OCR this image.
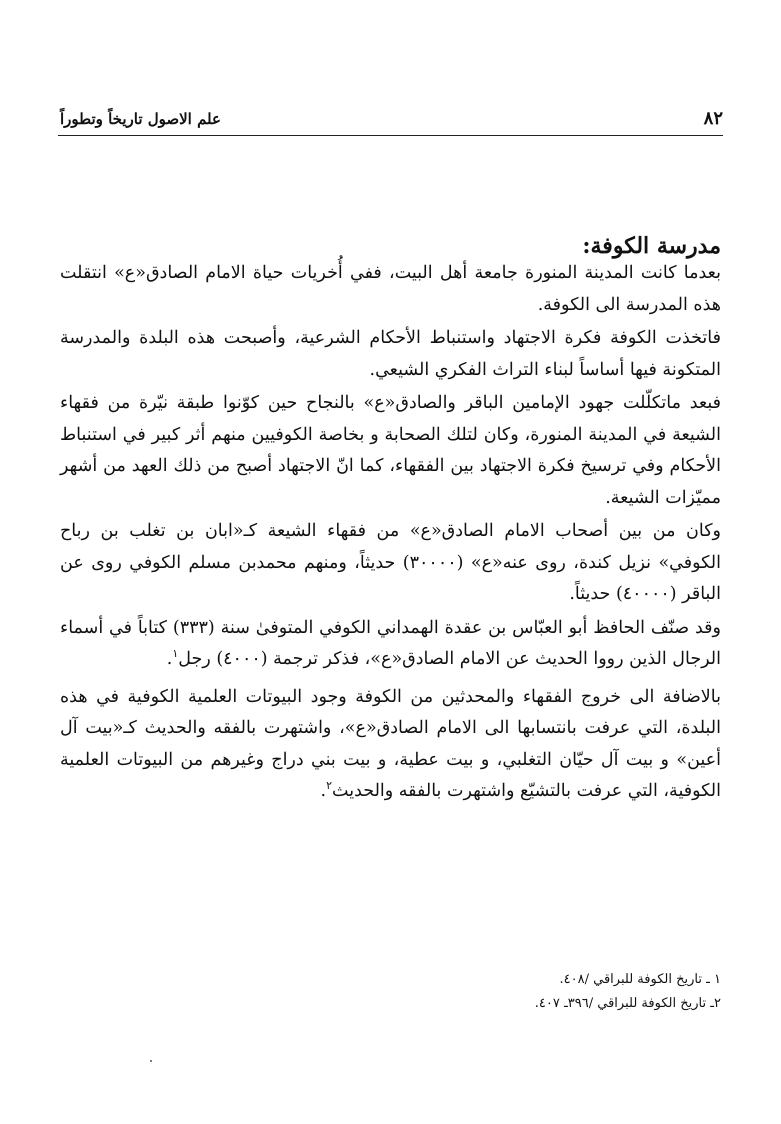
علم الاصول تاريخاً وتطوراً	٨٢
مدرسة الكوفة:

بعدما كانت المدينة المنورة جامعة أهل البيت، ففي أُخريات حياة الامام الصادق«ع» انتقلت هذه المدرسة الى الكوفة.

فاتخذت الكوفة فكرة الاجتهاد واستنباط الأحكام الشرعية، وأصبحت هذه البلدة والمدرسة المتكونة فيها أساساً لبناء التراث الفكري الشيعي.

فبعد ماتكلّلت جهود الإمامين الباقر والصادق«ع» بالنجاح حين كوّنوا طبقة نيّرة من فقهاء الشيعة في المدينة المنورة، وكان لتلك الصحابة و بخاصة الكوفيين منهم أثر كبير في استنباط الأحكام وفي ترسيخ فكرة الاجتهاد بين الفقهاء، كما انّ الاجتهاد أصبح من ذلك العهد من أشهر مميّزات الشيعة.

وكان من بين أصحاب الامام الصادق«ع» من فقهاء الشيعة كـ«ابان بن تغلب بن رباح الكوفي» نزيل كندة، روى عنه«ع» (٣٠٠٠٠) حديثاً، ومنهم محمدبن مسلم الكوفي روى عن الباقر (٤٠٠٠٠) حديثاً.

وقد صنّف الحافظ أبو العبّاس بن عقدة الهمداني الكوفي المتوفىٰ سنة (٣٣٣) كتاباً في أسماء الرجال الذين رووا الحديث عن الامام الصادق«ع»، فذكر ترجمة (٤٠٠٠) رجل$^١$.

بالاضافة الى خروج الفقهاء والمحدثين من الكوفة وجود البيوتات العلمية الكوفية في هذه البلدة، التي عرفت بانتسابها الى الامام الصادق«ع»، واشتهرت بالفقه والحديث كـ«بيت آل أعين» و بيت آل حيّان التغلبي، و بيت عطية، و بيت بني دراج وغيرهم من البيوتات العلمية الكوفية، التي عرفت بالتشيّع واشتهرت بالفقه والحديث$^٢$.

١ ـ تاريخ الكوفة للبراقي /٤٠٨.
٢ـ تاريخ الكوفة للبراقي /٣٩٦ـ ٤٠٧.
